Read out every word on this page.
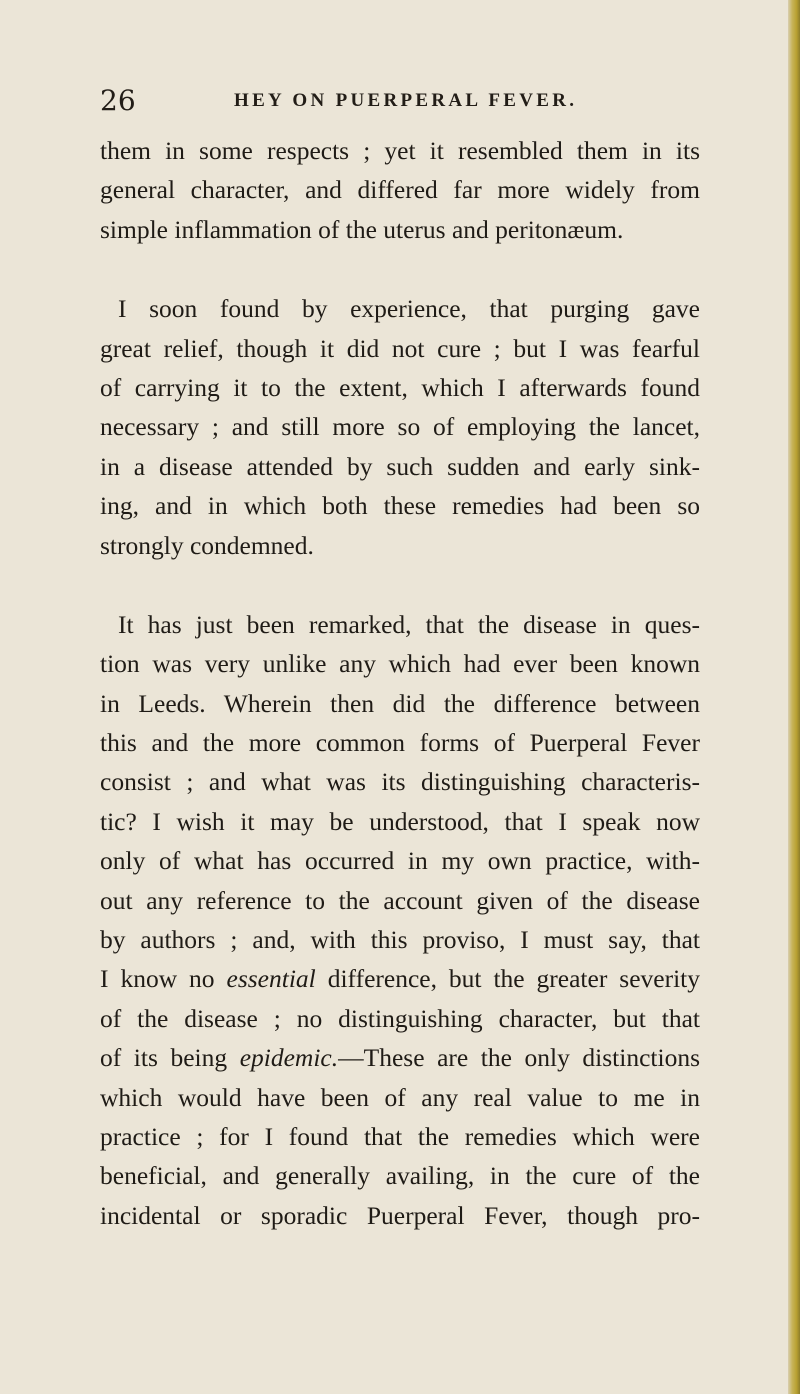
26	HEY ON PUERPERAL FEVER.
them in some respects ; yet it resembled them in its
general character, and differed far more widely from
simple inflammation of the uterus and peritonæum.
I soon found by experience, that purging gave
great relief, though it did not cure ; but I was fearful
of carrying it to the extent, which I afterwards found
necessary ; and still more so of employing the lancet,
in a disease attended by such sudden and early sink-
ing, and in which both these remedies had been so
strongly condemned.
It has just been remarked, that the disease in ques-
tion was very unlike any which had ever been known
in Leeds. Wherein then did the difference between
this and the more common forms of Puerperal Fever
consist ; and what was its distinguishing characteris-
tic? I wish it may be understood, that I speak now
only of what has occurred in my own practice, with-
out any reference to the account given of the disease
by authors ; and, with this proviso, I must say, that
I know no essential difference, but the greater severity
of the disease ; no distinguishing character, but that
of its being epidemic.—These are the only distinctions
which would have been of any real value to me in
practice ; for I found that the remedies which were
beneficial, and generally availing, in the cure of the
incidental or sporadic Puerperal Fever, though pro-
